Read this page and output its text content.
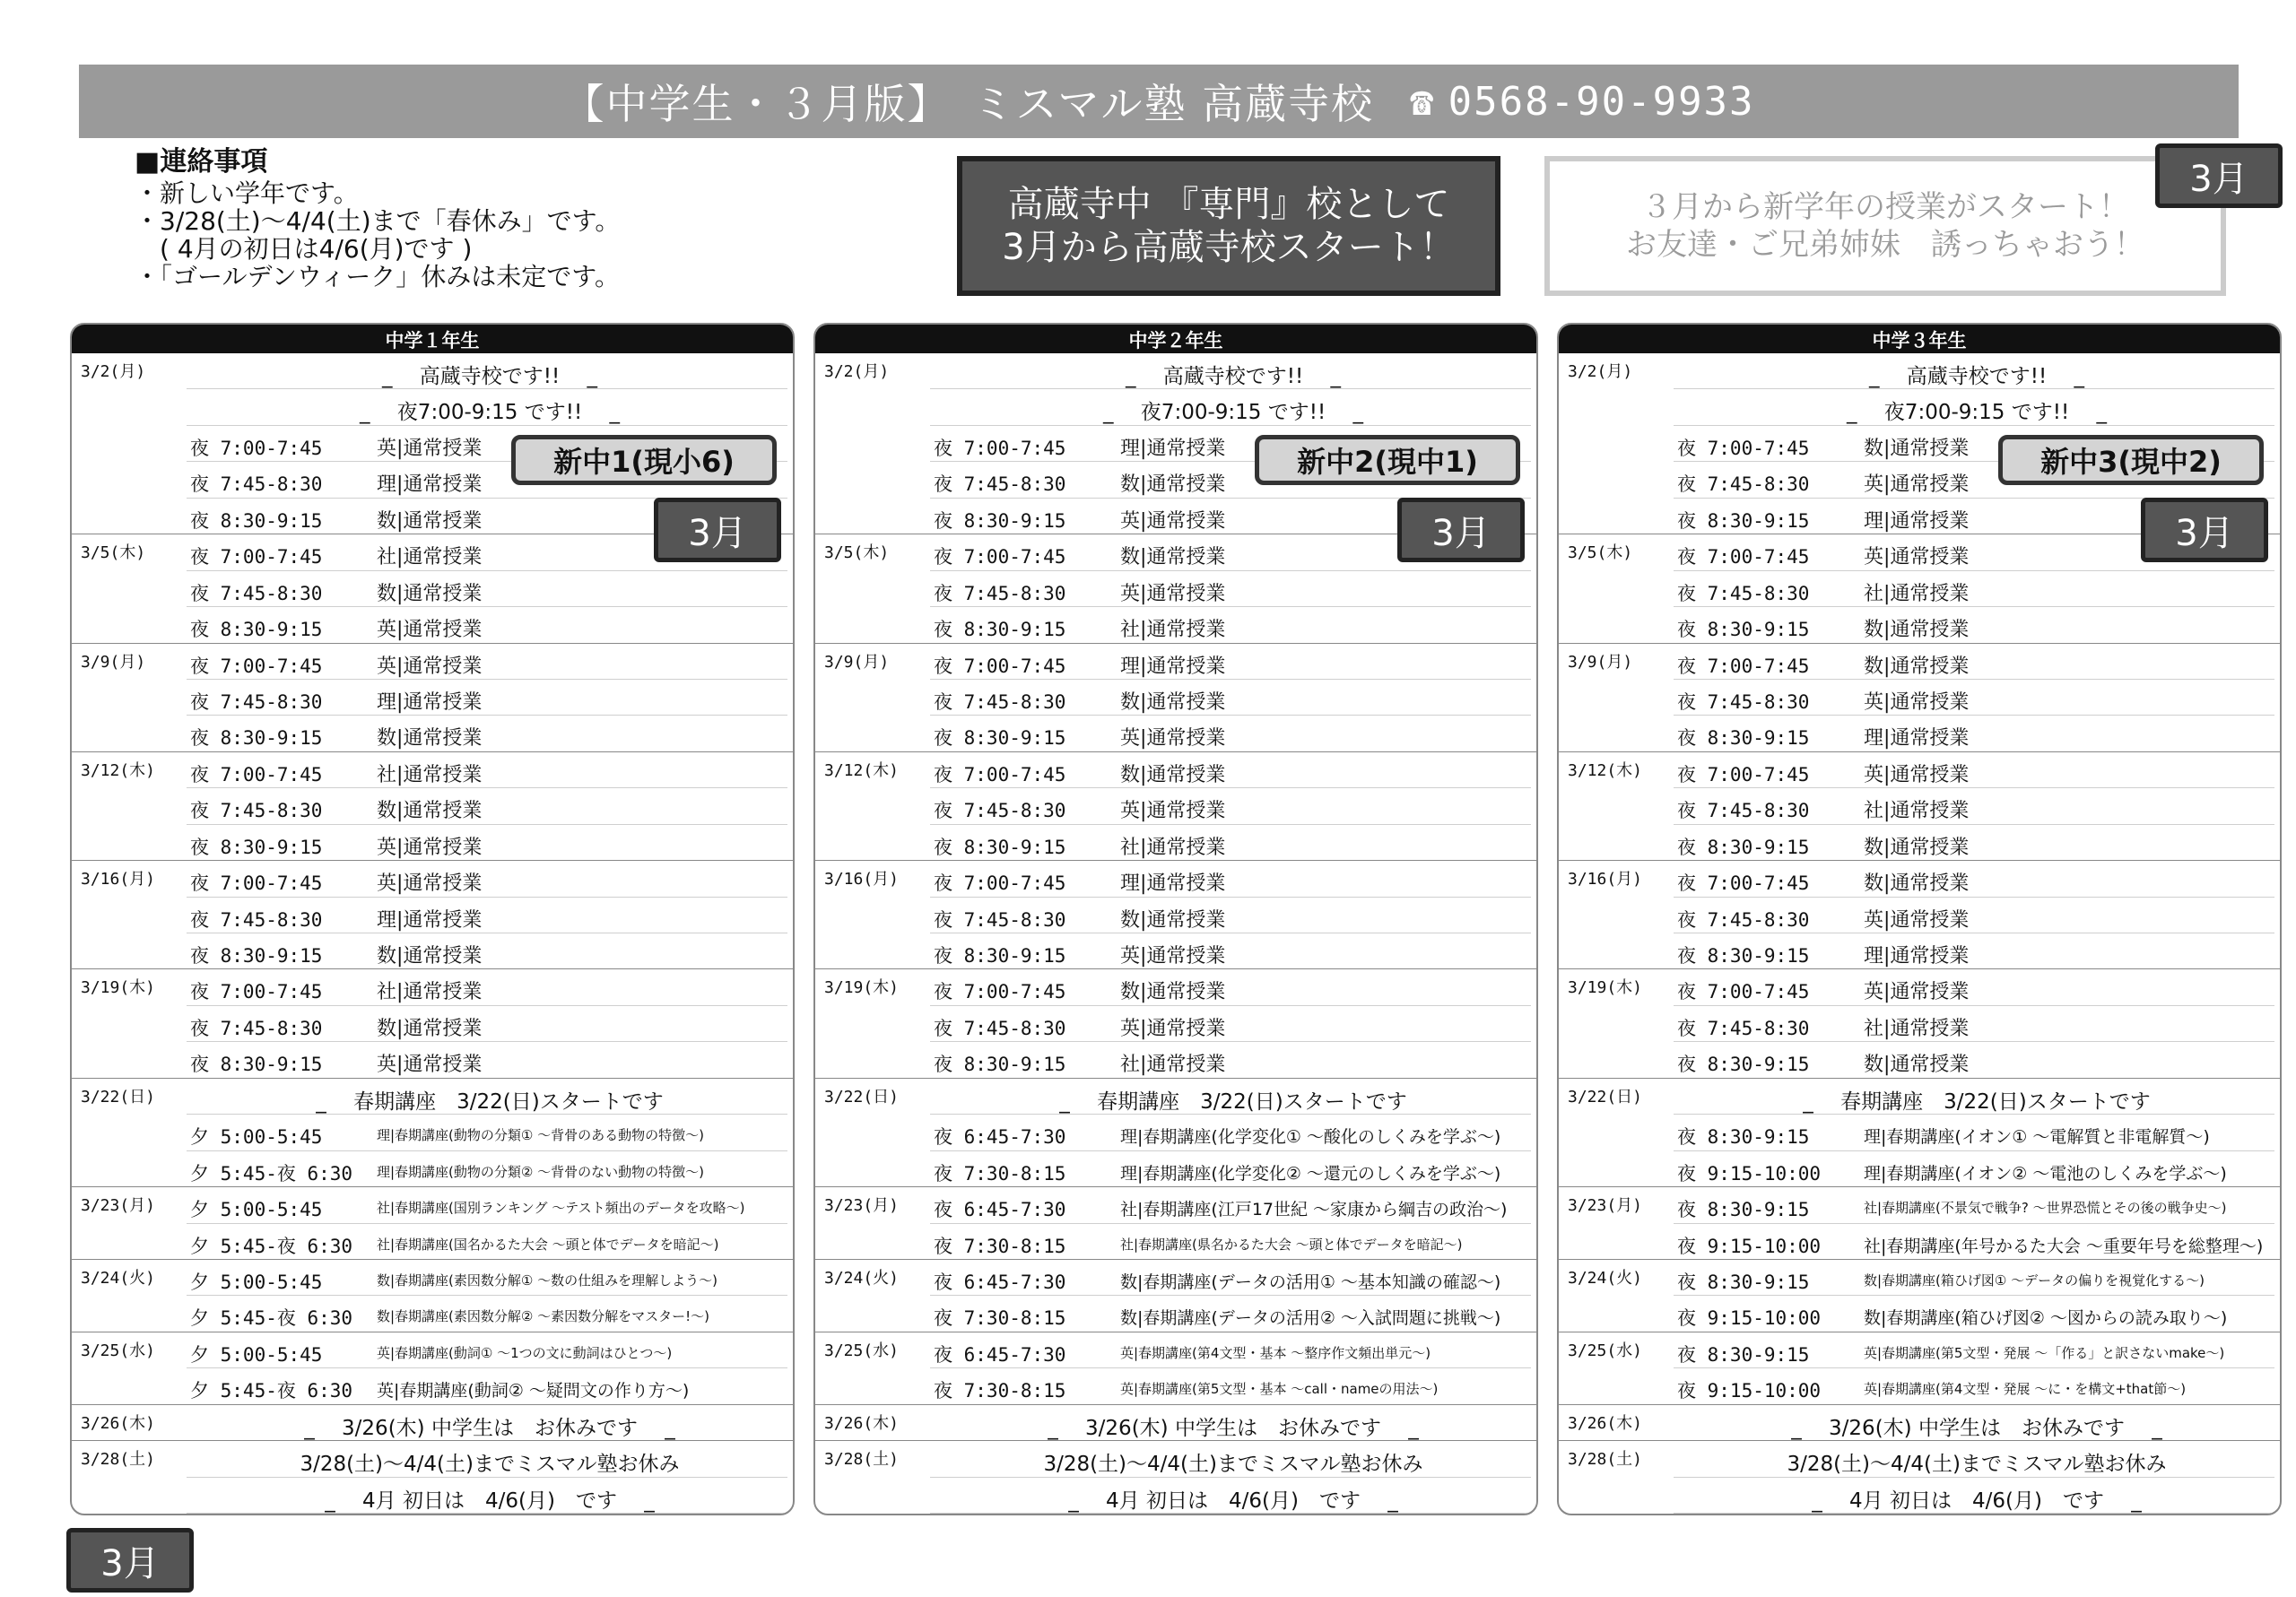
【中学生・３月版】　ミスマル塾 高蔵寺校 ☎ 0568-90-9933
■連絡事項
・新しい学年です。
・3/28(土)～4/4(土)まで「春休み」です。
　( 4月の初日は4/6(月)です )
・「ゴールデンウィーク」休みは未定です。
高蔵寺中 『専門』校として
3月から高蔵寺校スタート！
３月から新学年の授業がスタート！
お友達・ご兄弟姉妹　誘っちゃおう！
3月
3月
中学１年生
3/2(月)	_　 高蔵寺校です!!　 _
_　 夜7:00-9:15 です!!　 _
夜 7:00-7:45	英|通常授業
夜 7:45-8:30	理|通常授業
夜 8:30-9:15	数|通常授業
3/5(木) 夜 7:00-7:45	社|通常授業
夜 7:45-8:30	数|通常授業
夜 8:30-9:15	英|通常授業
3/9(月) 夜 7:00-7:45	英|通常授業
夜 7:45-8:30	理|通常授業
夜 8:30-9:15	数|通常授業
3/12(木) 夜 7:00-7:45	社|通常授業
夜 7:45-8:30	数|通常授業
夜 8:30-9:15	英|通常授業
3/16(月) 夜 7:00-7:45	英|通常授業
夜 7:45-8:30	理|通常授業
夜 8:30-9:15	数|通常授業
3/19(木) 夜 7:00-7:45	社|通常授業
夜 7:45-8:30	数|通常授業
夜 8:30-9:15	英|通常授業
3/22(日)	_　 春期講座　3/22(日)スタートです
夕 5:00-5:45	理|春期講座(動物の分類① ～背骨のある動物の特徴～)
夕 5:45-夜 6:30 理|春期講座(動物の分類② ～背骨のない動物の特徴～)
3/23(月) 夕 5:00-5:45	社|春期講座(国別ランキング ～テスト頻出のデータを攻略～)
夕 5:45-夜 6:30 社|春期講座(国名かるた大会 ～頭と体でデータを暗記～)
3/24(火) 夕 5:00-5:45	数|春期講座(素因数分解① ～数の仕組みを理解しよう～)
夕 5:45-夜 6:30 数|春期講座(素因数分解② ～素因数分解をマスター!～)
3/25(水) 夕 5:00-5:45	英|春期講座(動詞① ～1つの文に動詞はひとつ～)
夕 5:45-夜 6:30 英|春期講座(動詞② ～疑問文の作り方～)
3/26(木)	_　 3/26(木) 中学生は　お休みです　 _
3/28(土)	3/28(土)～4/4(土)までミスマル塾お休み
_　 4月 初日は　4/6(月)　です　 _
新中1(現小6)
3月
中学２年生
3/2(月)	_　 高蔵寺校です!!　 _
_　 夜7:00-9:15 です!!　 _
夜 7:00-7:45	理|通常授業
夜 7:45-8:30	数|通常授業
夜 8:30-9:15	英|通常授業
3/5(木) 夜 7:00-7:45	数|通常授業
夜 7:45-8:30	英|通常授業
夜 8:30-9:15	社|通常授業
3/9(月) 夜 7:00-7:45	理|通常授業
夜 7:45-8:30	数|通常授業
夜 8:30-9:15	英|通常授業
3/12(木) 夜 7:00-7:45	数|通常授業
夜 7:45-8:30	英|通常授業
夜 8:30-9:15	社|通常授業
3/16(月) 夜 7:00-7:45	理|通常授業
夜 7:45-8:30	数|通常授業
夜 8:30-9:15	英|通常授業
3/19(木) 夜 7:00-7:45	数|通常授業
夜 7:45-8:30	英|通常授業
夜 8:30-9:15	社|通常授業
3/22(日)	_　 春期講座　3/22(日)スタートです
夜 6:45-7:30	理|春期講座(化学変化① ～酸化のしくみを学ぶ～)
夜 7:30-8:15	理|春期講座(化学変化② ～還元のしくみを学ぶ～)
3/23(月) 夜 6:45-7:30	社|春期講座(江戸17世紀 ～家康から綱吉の政治～)
夜 7:30-8:15	社|春期講座(県名かるた大会 ～頭と体でデータを暗記～)
3/24(火) 夜 6:45-7:30	数|春期講座(データの活用① ～基本知識の確認～)
夜 7:30-8:15	数|春期講座(データの活用② ～入試問題に挑戦～)
3/25(水) 夜 6:45-7:30	英|春期講座(第4文型・基本 ～整序作文頻出単元～)
夜 7:30-8:15	英|春期講座(第5文型・基本 ～call・nameの用法～)
3/26(木)	_　 3/26(木) 中学生は　お休みです　 _
3/28(土)	3/28(土)～4/4(土)までミスマル塾お休み
_　 4月 初日は　4/6(月)　です　 _
新中2(現中1)
3月
中学３年生
3/2(月)	_　 高蔵寺校です!!　 _
_　 夜7:00-9:15 です!!　 _
夜 7:00-7:45	数|通常授業
夜 7:45-8:30	英|通常授業
夜 8:30-9:15	理|通常授業
3/5(木) 夜 7:00-7:45	英|通常授業
夜 7:45-8:30	社|通常授業
夜 8:30-9:15	数|通常授業
3/9(月) 夜 7:00-7:45	数|通常授業
夜 7:45-8:30	英|通常授業
夜 8:30-9:15	理|通常授業
3/12(木) 夜 7:00-7:45	英|通常授業
夜 7:45-8:30	社|通常授業
夜 8:30-9:15	数|通常授業
3/16(月) 夜 7:00-7:45	数|通常授業
夜 7:45-8:30	英|通常授業
夜 8:30-9:15	理|通常授業
3/19(木) 夜 7:00-7:45	英|通常授業
夜 7:45-8:30	社|通常授業
夜 8:30-9:15	数|通常授業
3/22(日)	_　 春期講座　3/22(日)スタートです
夜 8:30-9:15	理|春期講座(イオン① ～電解質と非電解質～)
夜 9:15-10:00	理|春期講座(イオン② ～電池のしくみを学ぶ～)
3/23(月) 夜 8:30-9:15	社|春期講座(不景気で戦争? ～世界恐慌とその後の戦争史～)
夜 9:15-10:00	社|春期講座(年号かるた大会 ～重要年号を総整理～)
3/24(火) 夜 8:30-9:15	数|春期講座(箱ひげ図① ～データの偏りを視覚化する～)
夜 9:15-10:00	数|春期講座(箱ひげ図② ～図からの読み取り～)
3/25(水) 夜 8:30-9:15	英|春期講座(第5文型・発展 ～「作る」と訳さないmake～)
夜 9:15-10:00	英|春期講座(第4文型・発展 ～に・を構文+that節～)
3/26(木)	_　 3/26(木) 中学生は　お休みです　 _
3/28(土)	3/28(土)～4/4(土)までミスマル塾お休み
_　 4月 初日は　4/6(月)　です　 _
新中3(現中2)
3月
